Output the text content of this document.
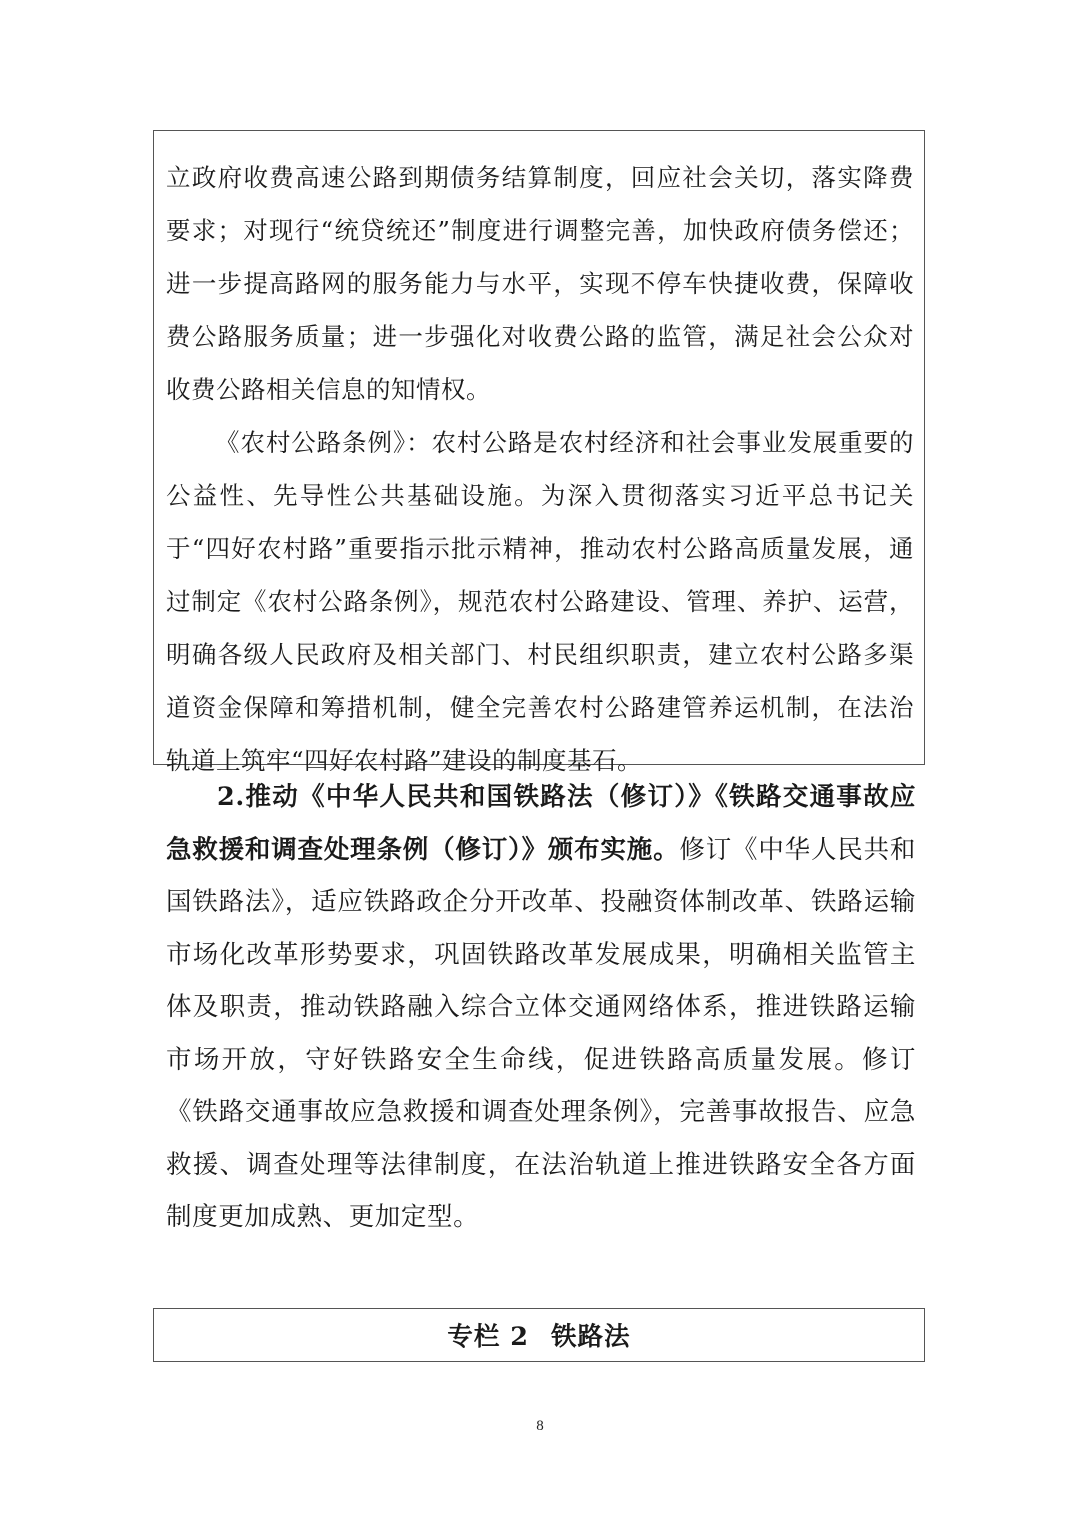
立政府收费高速公路到期债务结算制度，回应社会关切，落实降费要求；对现行“统贷统还”制度进行调整完善，加快政府债务偿还；进一步提高路网的服务能力与水平，实现不停车快捷收费，保障收费公路服务质量；进一步强化对收费公路的监管，满足社会公众对收费公路相关信息的知情权。

《农村公路条例》：农村公路是农村经济和社会事业发展重要的公益性、先导性公共基础设施。为深入贯彻落实习近平总书记关于“四好农村路”重要指示批示精神，推动农村公路高质量发展，通过制定《农村公路条例》，规范农村公路建设、管理、养护、运营，明确各级人民政府及相关部门、村民组织职责，建立农村公路多渠道资金保障和筹措机制，健全完善农村公路建管养运机制，在法治轨道上筑牢“四好农村路”建设的制度基石。

2.推动《中华人民共和国铁路法（修订）》《铁路交通事故应急救援和调查处理条例（修订）》颁布实施。修订《中华人民共和国铁路法》，适应铁路政企分开改革、投融资体制改革、铁路运输市场化改革形势要求，巩固铁路改革发展成果，明确相关监管主体及职责，推动铁路融入综合立体交通网络体系，推进铁路运输市场开放，守好铁路安全生命线，促进铁路高质量发展。修订《铁路交通事故应急救援和调查处理条例》，完善事故报告、应急救援、调查处理等法律制度，在法治轨道上推进铁路安全各方面制度更加成熟、更加定型。

专栏 2 铁路法
8
